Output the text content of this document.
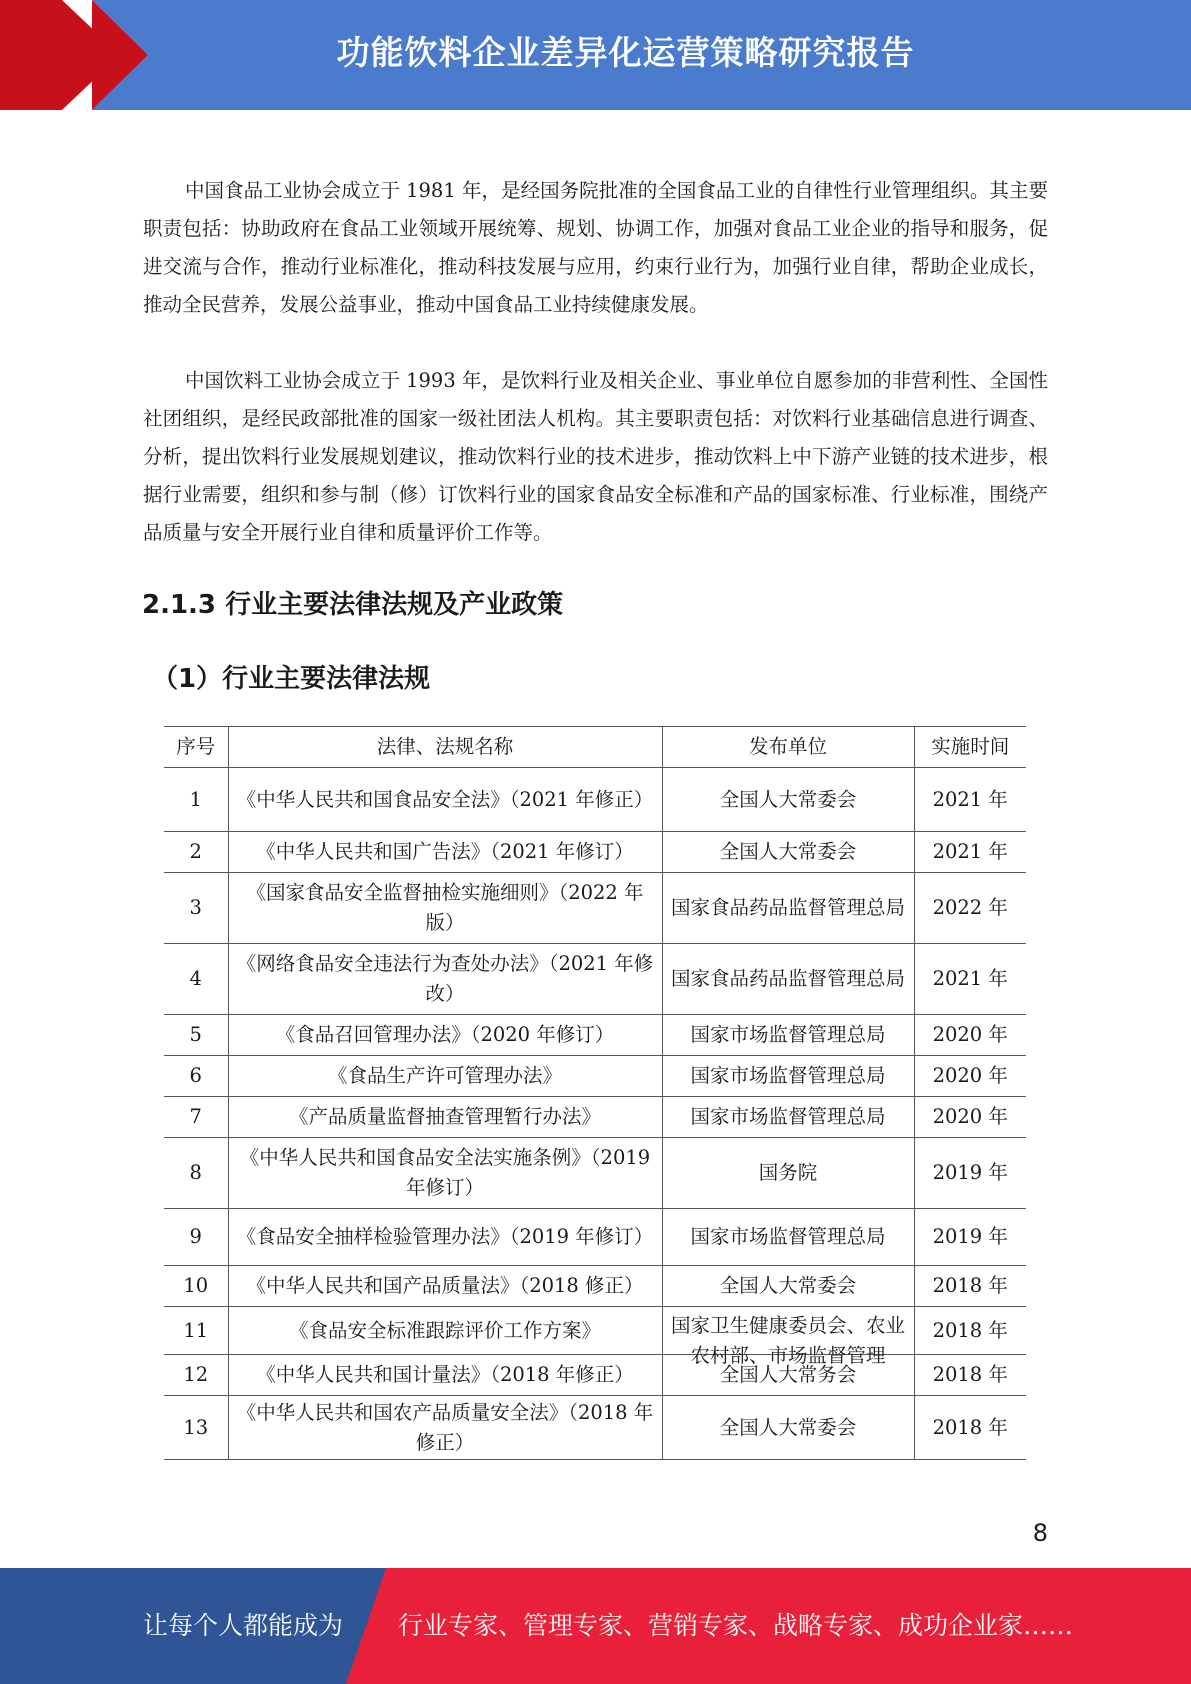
功能饮料企业差异化运营策略研究报告

中国食品工业协会成立于 1981 年，是经国务院批准的全国食品工业的自律性行业管理组织。其主要职责包括：协助政府在食品工业领域开展统筹、规划、协调工作，加强对食品工业企业的指导和服务，促进交流与合作，推动行业标准化，推动科技发展与应用，约束行业行为，加强行业自律，帮助企业成长，推动全民营养，发展公益事业，推动中国食品工业持续健康发展。

中国饮料工业协会成立于 1993 年，是饮料行业及相关企业、事业单位自愿参加的非营利性、全国性社团组织，是经民政部批准的国家一级社团法人机构。其主要职责包括：对饮料行业基础信息进行调查、分析，提出饮料行业发展规划建议，推动饮料行业的技术进步，推动饮料上中下游产业链的技术进步，根据行业需要，组织和参与制（修）订饮料行业的国家食品安全标准和产品的国家标准、行业标准，围绕产品质量与安全开展行业自律和质量评价工作等。

2.1.3 行业主要法律法规及产业政策
（1）行业主要法律法规
序号	法律、法规名称	发布单位	实施时间
1	《中华人民共和国食品安全法》（2021 年修正）	全国人大常委会	2021 年
2	《中华人民共和国广告法》（2021 年修订）	全国人大常委会	2021 年
3	《国家食品安全监督抽检实施细则》（2022 年版）	国家食品药品监督管理总局	2022 年
4	《网络食品安全违法行为查处办法》（2021 年修改）	国家食品药品监督管理总局	2021 年
5	《食品召回管理办法》（2020 年修订）	国家市场监督管理总局	2020 年
6	《食品生产许可管理办法》	国家市场监督管理总局	2020 年
7	《产品质量监督抽查管理暂行办法》	国家市场监督管理总局	2020 年
8	《中华人民共和国食品安全法实施条例》（2019 年修订）	国务院	2019 年
9	《食品安全抽样检验管理办法》（2019 年修订）	国家市场监督管理总局	2019 年
10	《中华人民共和国产品质量法》（2018 修正）	全国人大常委会	2018 年
11	《食品安全标准跟踪评价工作方案》	国家卫生健康委员会、农业农村部、市场监督管理	2018 年
12	《中华人民共和国计量法》（2018 年修正）	全国人大常务会	2018 年
13	《中华人民共和国农产品质量安全法》（2018 年修正）	全国人大常委会	2018 年
8
让每个人都能成为 行业专家、管理专家、营销专家、战略专家、成功企业家……
